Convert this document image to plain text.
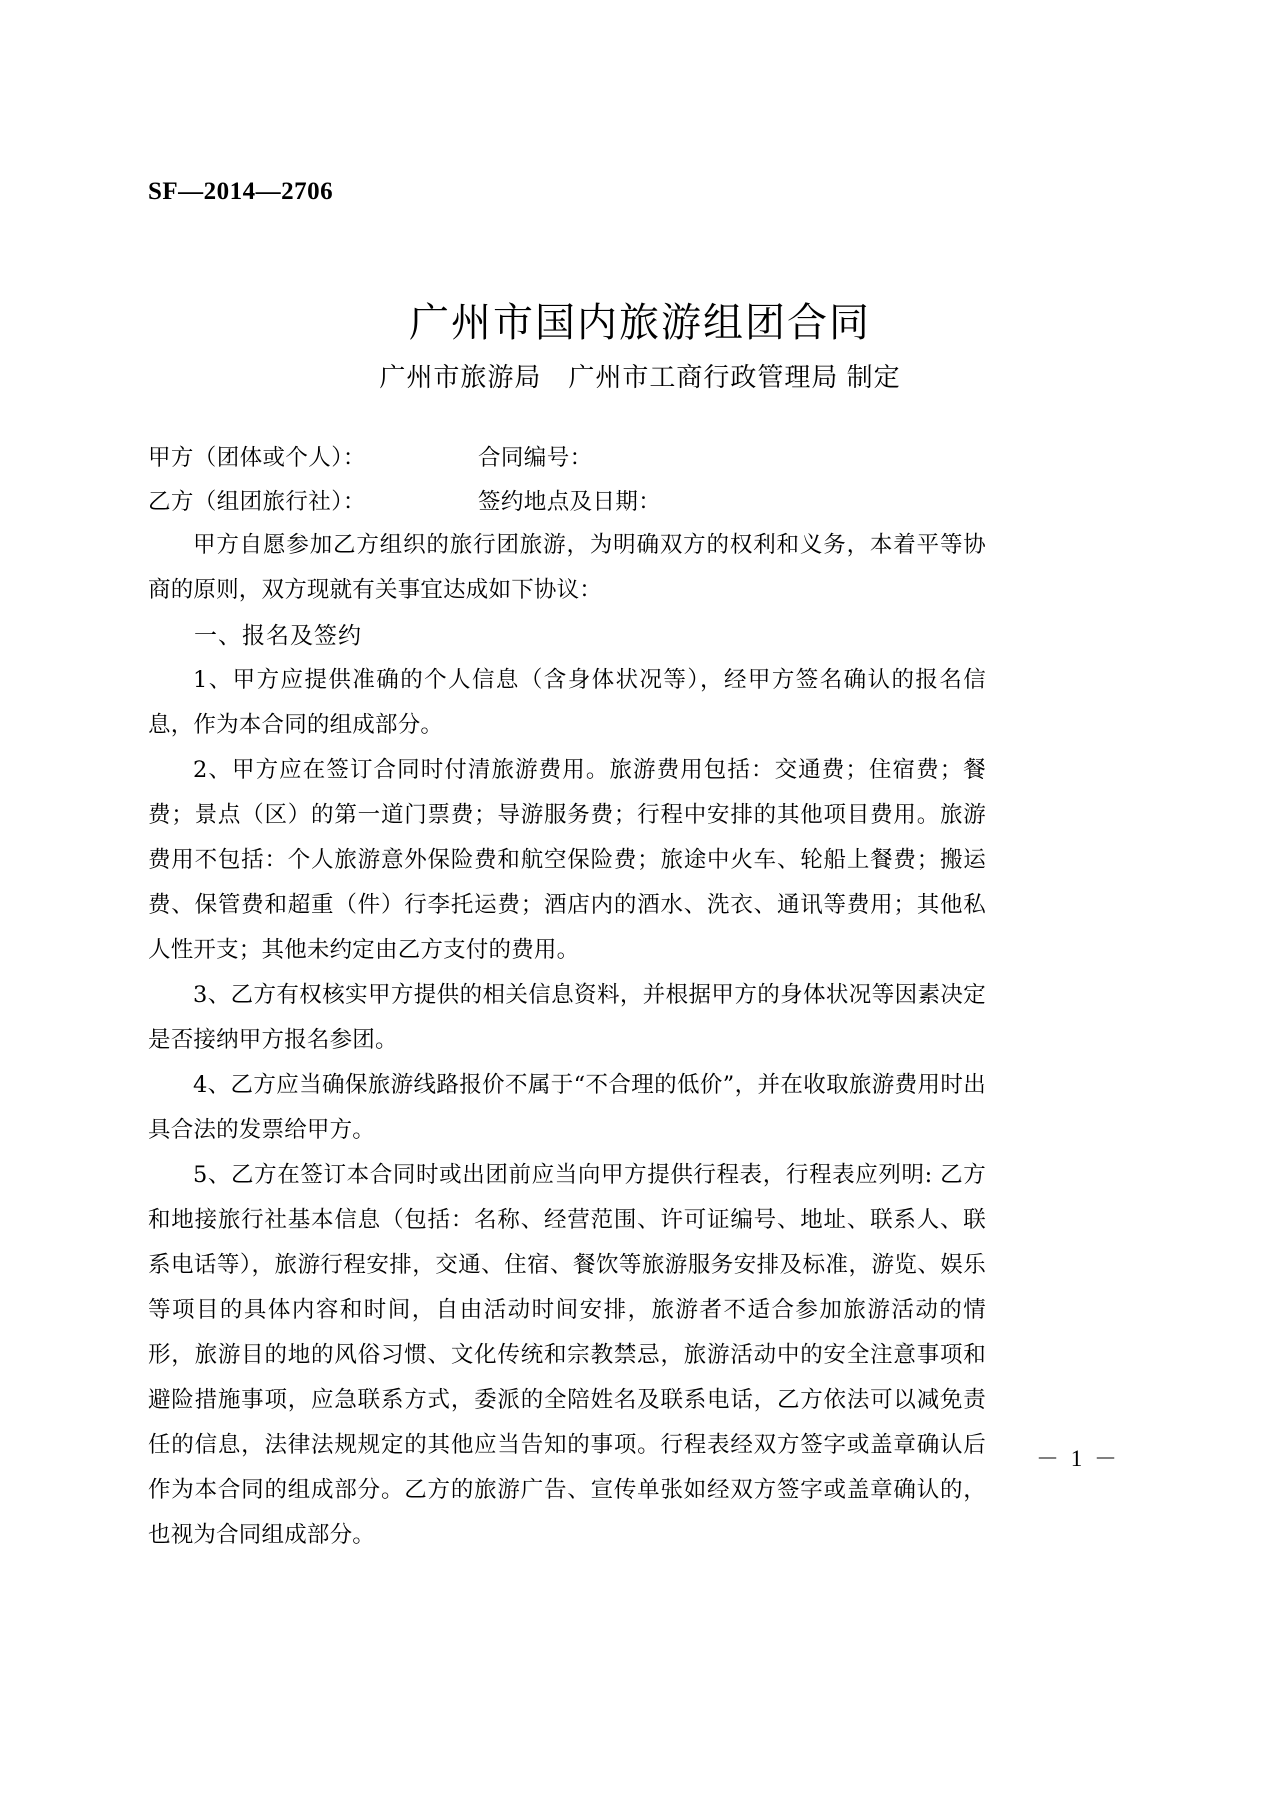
SF—2014—2706
广州市国内旅游组团合同
广州市旅游局　广州市工商行政管理局 制定
甲方（团体或个人）：	合同编号：
乙方（组团旅行社）：	签约地点及日期：

甲方自愿参加乙方组织的旅行团旅游，为明确双方的权利和义务，本着平等协商的原则，双方现就有关事宜达成如下协议：

一、报名及签约

1、甲方应提供准确的个人信息（含身体状况等），经甲方签名确认的报名信息，作为本合同的组成部分。

2、甲方应在签订合同时付清旅游费用。旅游费用包括：交通费；住宿费；餐费；景点（区）的第一道门票费；导游服务费；行程中安排的其他项目费用。旅游费用不包括：个人旅游意外保险费和航空保险费；旅途中火车、轮船上餐费；搬运费、保管费和超重（件）行李托运费；酒店内的酒水、洗衣、通讯等费用；其他私人性开支；其他未约定由乙方支付的费用。

3、乙方有权核实甲方提供的相关信息资料，并根据甲方的身体状况等因素决定是否接纳甲方报名参团。

4、乙方应当确保旅游线路报价不属于“不合理的低价”，并在收取旅游费用时出具合法的发票给甲方。

5、乙方在签订本合同时或出团前应当向甲方提供行程表，行程表应列明: 乙方和地接旅行社基本信息（包括：名称、经营范围、许可证编号、地址、联系人、联系电话等），旅游行程安排，交通、住宿、餐饮等旅游服务安排及标准，游览、娱乐等项目的具体内容和时间，自由活动时间安排，旅游者不适合参加旅游活动的情形，旅游目的地的风俗习惯、文化传统和宗教禁忌，旅游活动中的安全注意事项和避险措施事项，应急联系方式，委派的全陪姓名及联系电话，乙方依法可以减免责任的信息，法律法规规定的其他应当告知的事项。行程表经双方签字或盖章确认后作为本合同的组成部分。乙方的旅游广告、宣传单张如经双方签字或盖章确认的，也视为合同组成部分。

－ 1 －
